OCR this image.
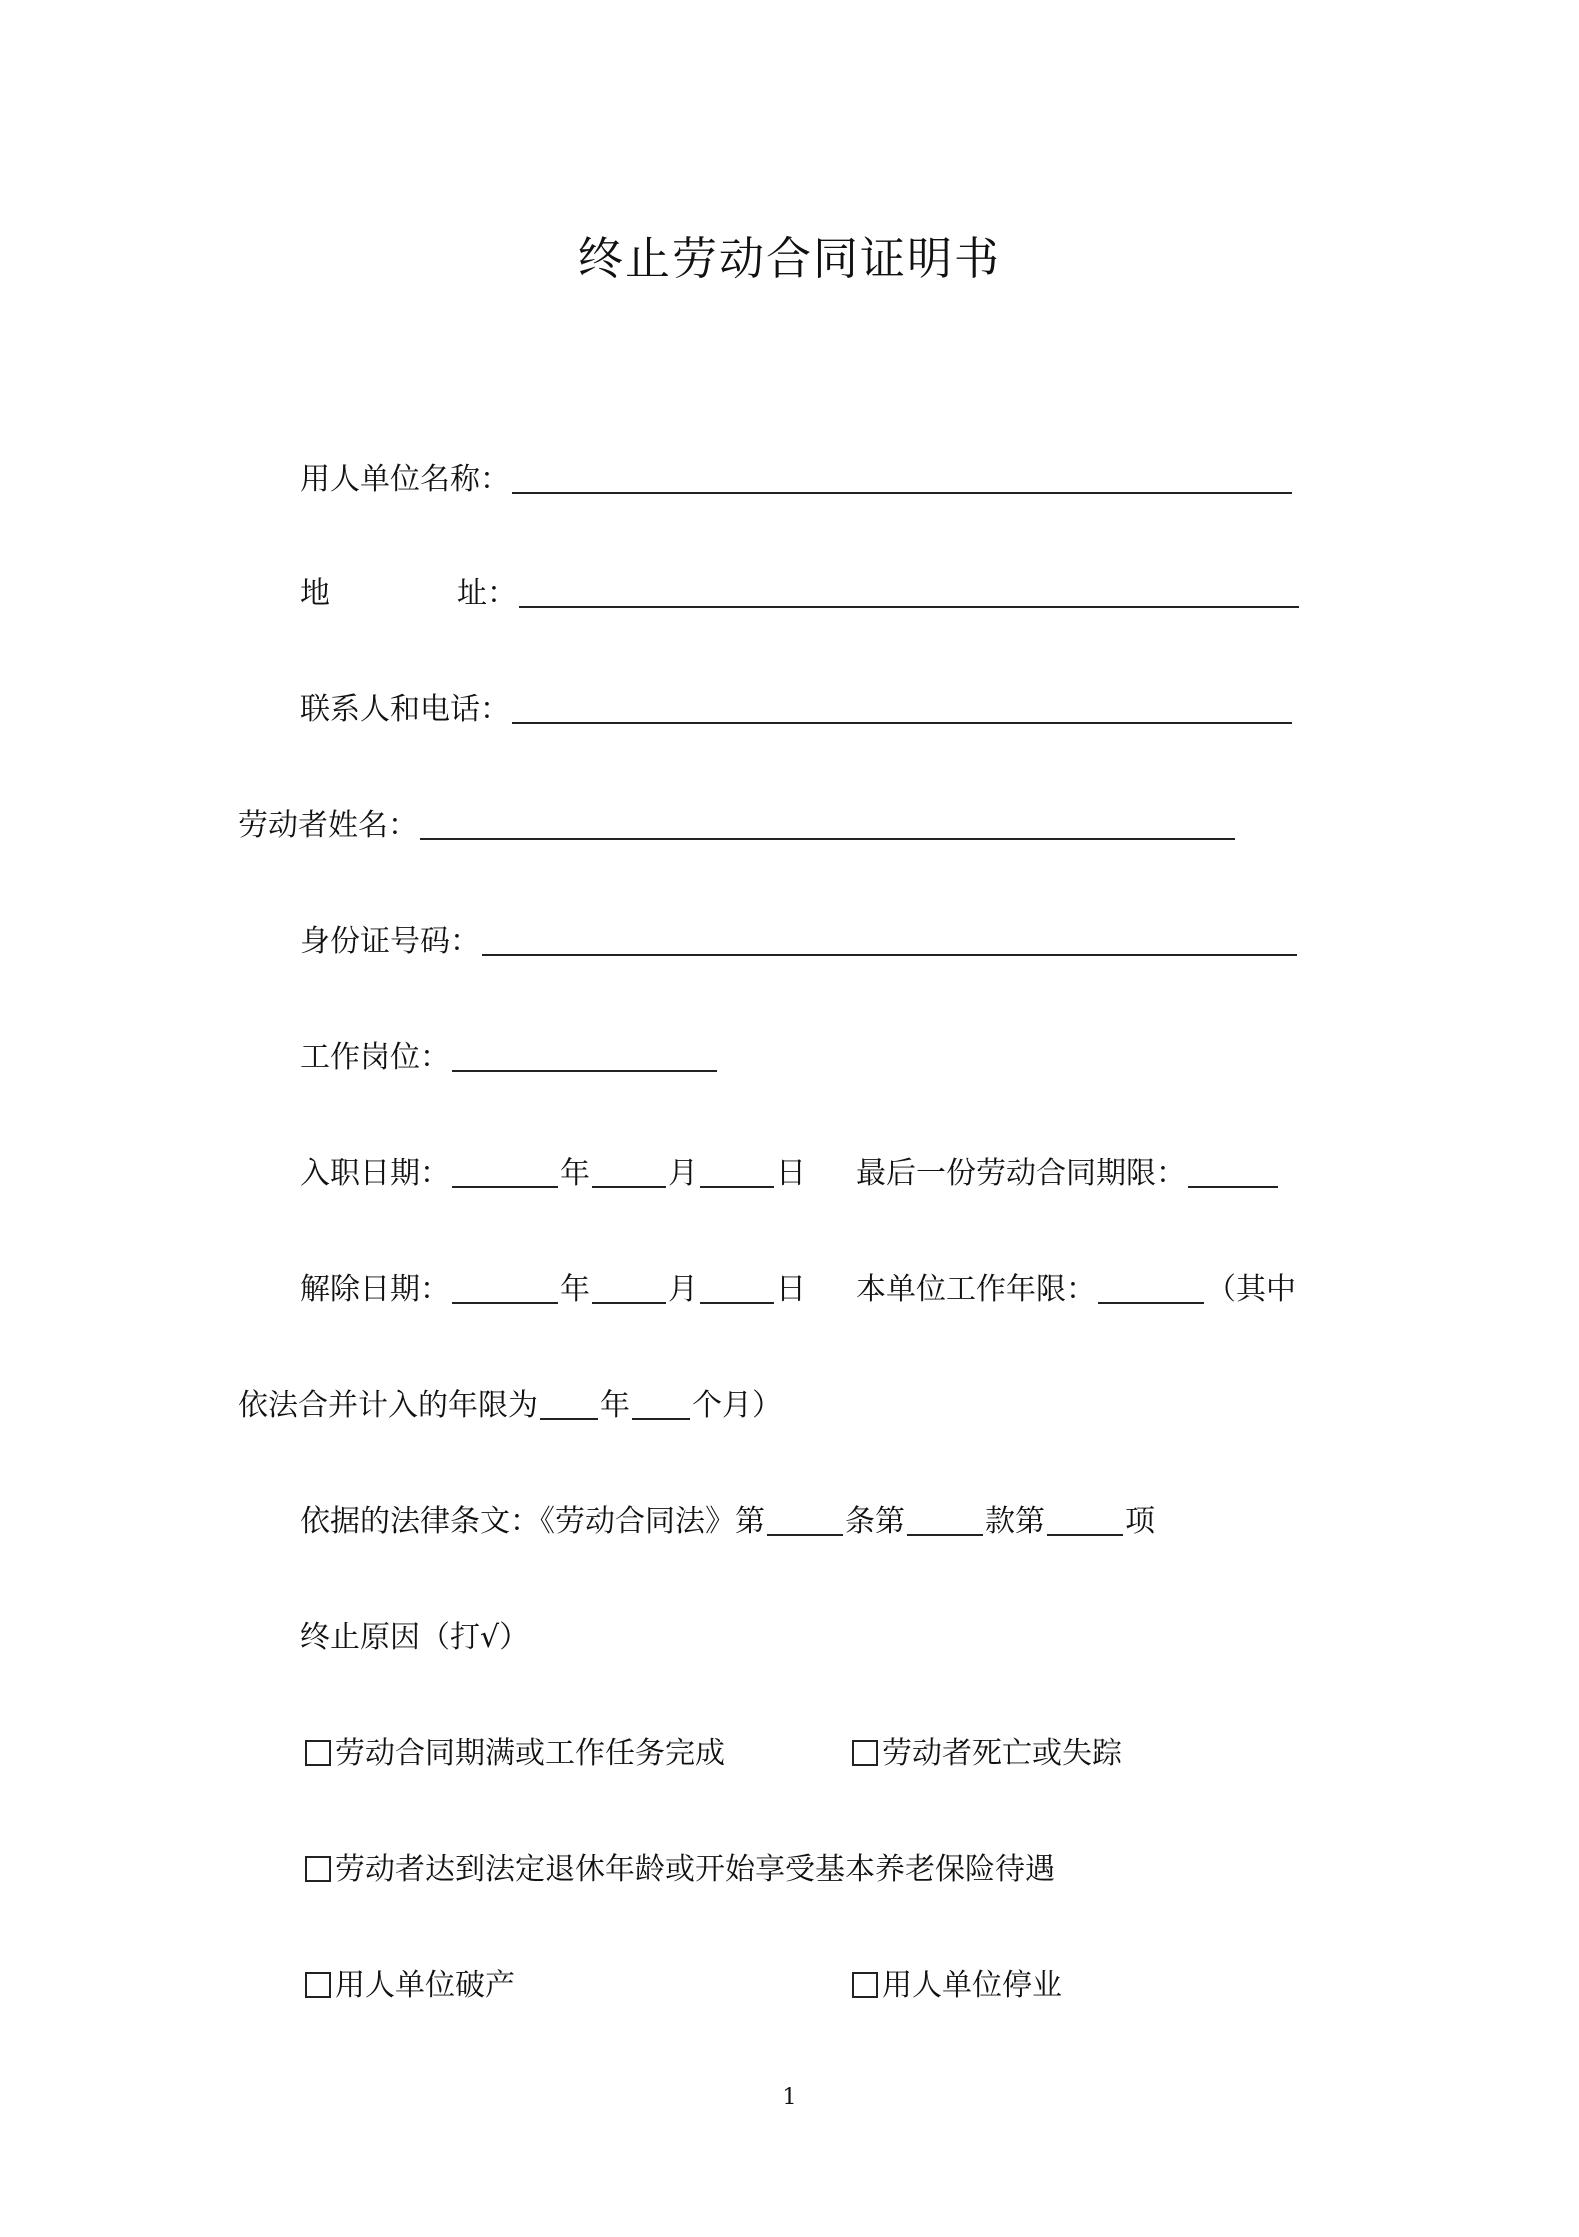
终止劳动合同证明书
用人单位名称：
地	址：
联系人和电话：
劳动者姓名：
身份证号码：
工作岗位：
入职日期：	年	月	日 最后一份劳动合同期限：
解除日期：	年	月	日 本单位工作年限：	（其中
依法合并计入的年限为 年 个月）
依据的法律条文：《劳动合同法》第	条第	款第	项
终止原因（打√）
劳动合同期满或工作任务完成	劳动者死亡或失踪
劳动者达到法定退休年龄或开始享受基本养老保险待遇
用人单位破产	用人单位停业
1
